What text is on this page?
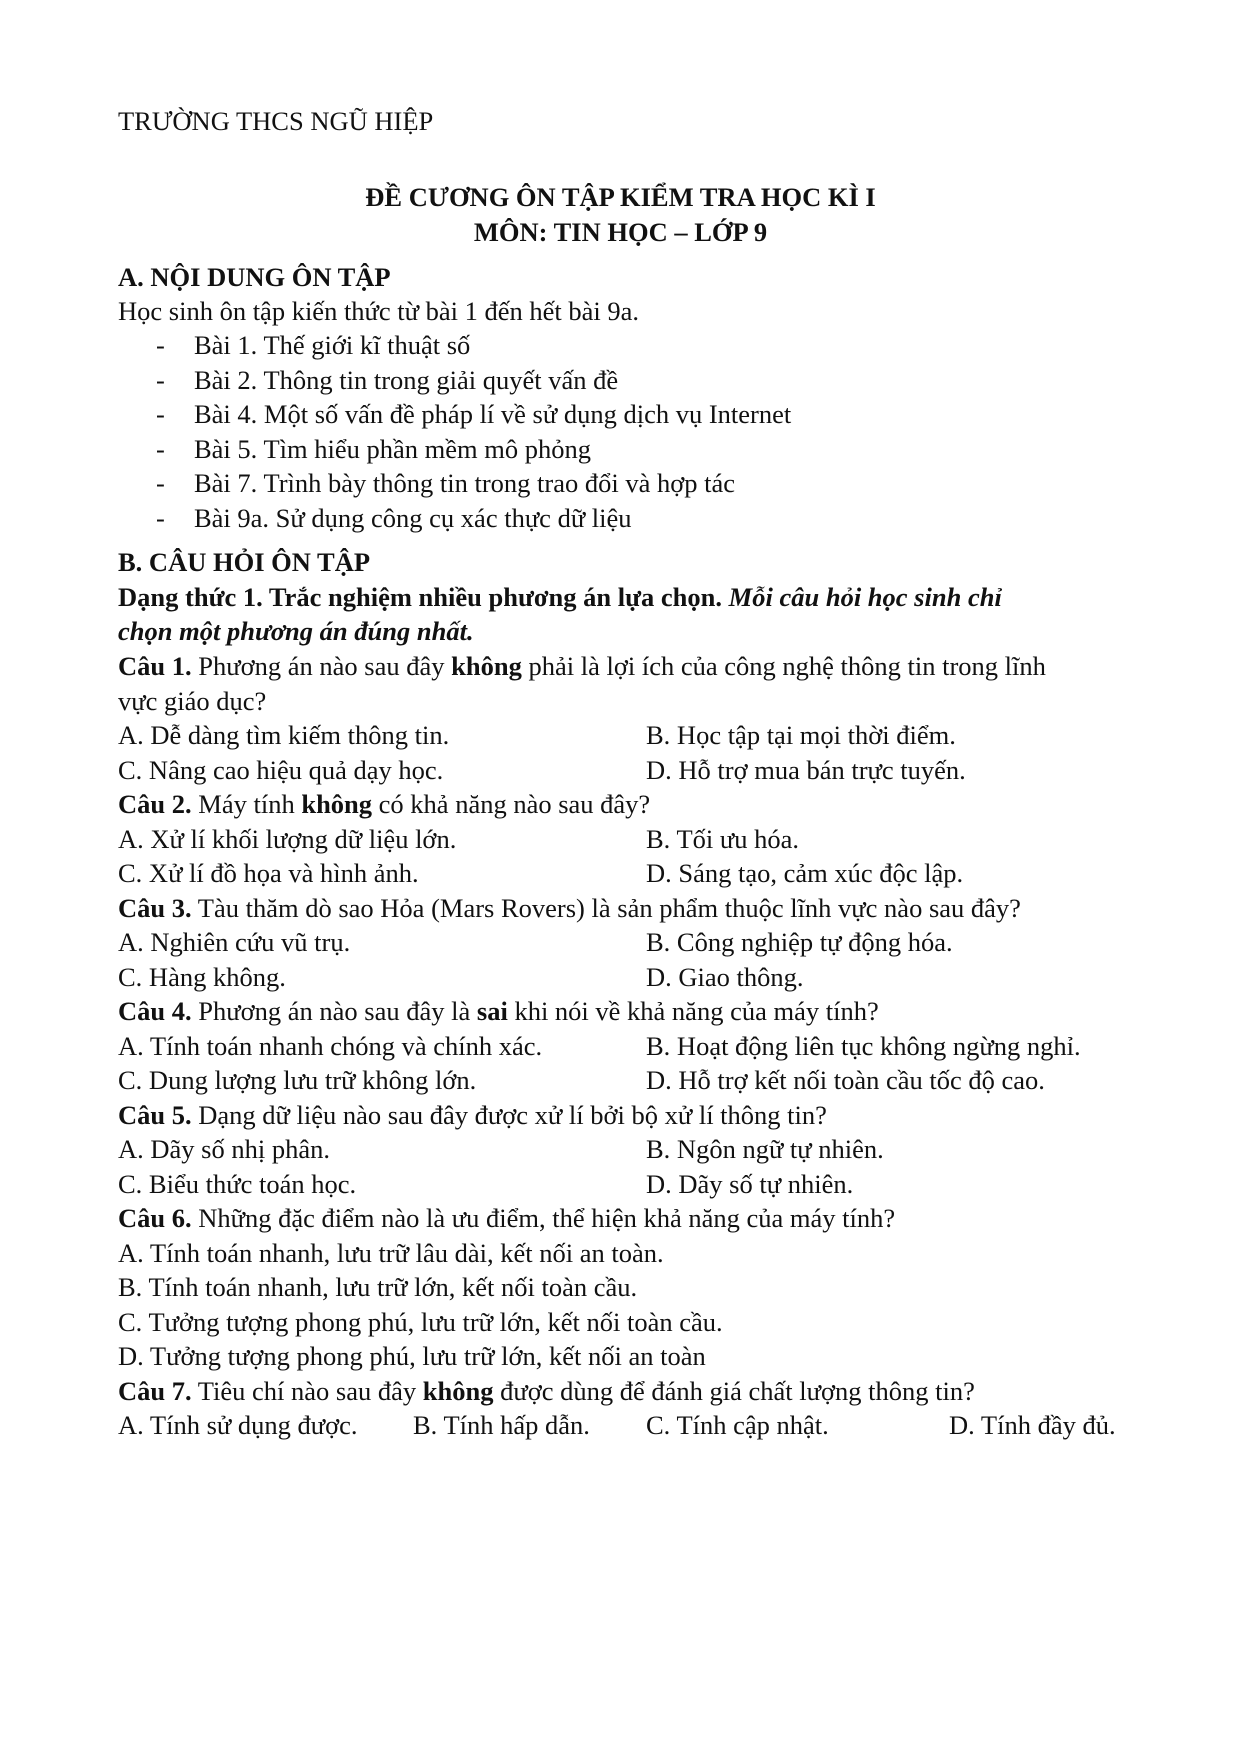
TRƯỜNG THCS NGŨ HIỆP
ĐỀ CƯƠNG ÔN TẬP KIỂM TRA HỌC KÌ I
MÔN: TIN HỌC – LỚP 9
A. NỘI DUNG ÔN TẬP
Học sinh ôn tập kiến thức từ bài 1 đến hết bài 9a.
- Bài 1. Thế giới kĩ thuật số
- Bài 2. Thông tin trong giải quyết vấn đề
- Bài 4. Một số vấn đề pháp lí về sử dụng dịch vụ Internet
- Bài 5. Tìm hiểu phần mềm mô phỏng
- Bài 7. Trình bày thông tin trong trao đổi và hợp tác
- Bài 9a. Sử dụng công cụ xác thực dữ liệu
B. CÂU HỎI ÔN TẬP
Dạng thức 1. Trắc nghiệm nhiều phương án lựa chọn. Mỗi câu hỏi học sinh chỉ
chọn một phương án đúng nhất.
Câu 1. Phương án nào sau đây không phải là lợi ích của công nghệ thông tin trong lĩnh
vực giáo dục?
A. Dễ dàng tìm kiếm thông tin.	B. Học tập tại mọi thời điểm.
C. Nâng cao hiệu quả dạy học.	D. Hỗ trợ mua bán trực tuyến.
Câu 2. Máy tính không có khả năng nào sau đây?
A. Xử lí khối lượng dữ liệu lớn.	B. Tối ưu hóa.
C. Xử lí đồ họa và hình ảnh.	D. Sáng tạo, cảm xúc độc lập.
Câu 3. Tàu thăm dò sao Hỏa (Mars Rovers) là sản phẩm thuộc lĩnh vực nào sau đây?
A. Nghiên cứu vũ trụ.	B. Công nghiệp tự động hóa.
C. Hàng không.	D. Giao thông.
Câu 4. Phương án nào sau đây là sai khi nói về khả năng của máy tính?
A. Tính toán nhanh chóng và chính xác.	B. Hoạt động liên tục không ngừng nghỉ.
C. Dung lượng lưu trữ không lớn.	D. Hỗ trợ kết nối toàn cầu tốc độ cao.
Câu 5. Dạng dữ liệu nào sau đây được xử lí bởi bộ xử lí thông tin?
A. Dãy số nhị phân.	B. Ngôn ngữ tự nhiên.
C. Biểu thức toán học.	D. Dãy số tự nhiên.
Câu 6. Những đặc điểm nào là ưu điểm, thể hiện khả năng của máy tính?
A. Tính toán nhanh, lưu trữ lâu dài, kết nối an toàn.
B. Tính toán nhanh, lưu trữ lớn, kết nối toàn cầu.
C. Tưởng tượng phong phú, lưu trữ lớn, kết nối toàn cầu.
D. Tưởng tượng phong phú, lưu trữ lớn, kết nối an toàn
Câu 7. Tiêu chí nào sau đây không được dùng để đánh giá chất lượng thông tin?
A. Tính sử dụng được. B. Tính hấp dẫn. C. Tính cập nhật.	D. Tính đầy đủ.
